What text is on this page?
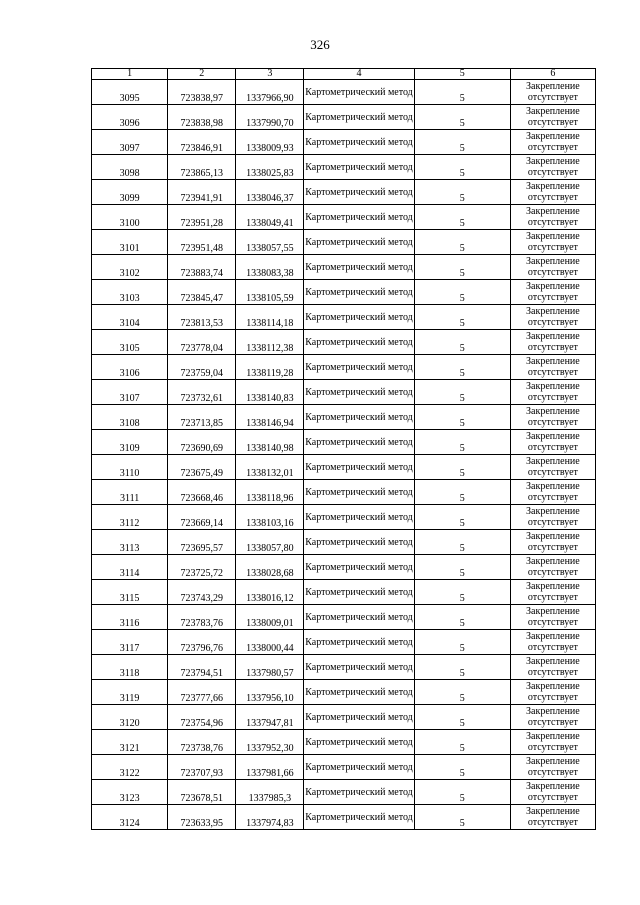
326
1	2	3	4	5	6
3095	723838,97	1337966,90	Картометрический метод	5	Закрепление отсутствует
3096	723838,98	1337990,70	Картометрический метод	5	Закрепление отсутствует
3097	723846,91	1338009,93	Картометрический метод	5	Закрепление отсутствует
3098	723865,13	1338025,83	Картометрический метод	5	Закрепление отсутствует
3099	723941,91	1338046,37	Картометрический метод	5	Закрепление отсутствует
3100	723951,28	1338049,41	Картометрический метод	5	Закрепление отсутствует
3101	723951,48	1338057,55	Картометрический метод	5	Закрепление отсутствует
3102	723883,74	1338083,38	Картометрический метод	5	Закрепление отсутствует
3103	723845,47	1338105,59	Картометрический метод	5	Закрепление отсутствует
3104	723813,53	1338114,18	Картометрический метод	5	Закрепление отсутствует
3105	723778,04	1338112,38	Картометрический метод	5	Закрепление отсутствует
3106	723759,04	1338119,28	Картометрический метод	5	Закрепление отсутствует
3107	723732,61	1338140,83	Картометрический метод	5	Закрепление отсутствует
3108	723713,85	1338146,94	Картометрический метод	5	Закрепление отсутствует
3109	723690,69	1338140,98	Картометрический метод	5	Закрепление отсутствует
3110	723675,49	1338132,01	Картометрический метод	5	Закрепление отсутствует
3111	723668,46	1338118,96	Картометрический метод	5	Закрепление отсутствует
3112	723669,14	1338103,16	Картометрический метод	5	Закрепление отсутствует
3113	723695,57	1338057,80	Картометрический метод	5	Закрепление отсутствует
3114	723725,72	1338028,68	Картометрический метод	5	Закрепление отсутствует
3115	723743,29	1338016,12	Картометрический метод	5	Закрепление отсутствует
3116	723783,76	1338009,01	Картометрический метод	5	Закрепление отсутствует
3117	723796,76	1338000,44	Картометрический метод	5	Закрепление отсутствует
3118	723794,51	1337980,57	Картометрический метод	5	Закрепление отсутствует
3119	723777,66	1337956,10	Картометрический метод	5	Закрепление отсутствует
3120	723754,96	1337947,81	Картометрический метод	5	Закрепление отсутствует
3121	723738,76	1337952,30	Картометрический метод	5	Закрепление отсутствует
3122	723707,93	1337981,66	Картометрический метод	5	Закрепление отсутствует
3123	723678,51	1337985,3	Картометрический метод	5	Закрепление отсутствует
3124	723633,95	1337974,83	Картометрический метод	5	Закрепление отсутствует
